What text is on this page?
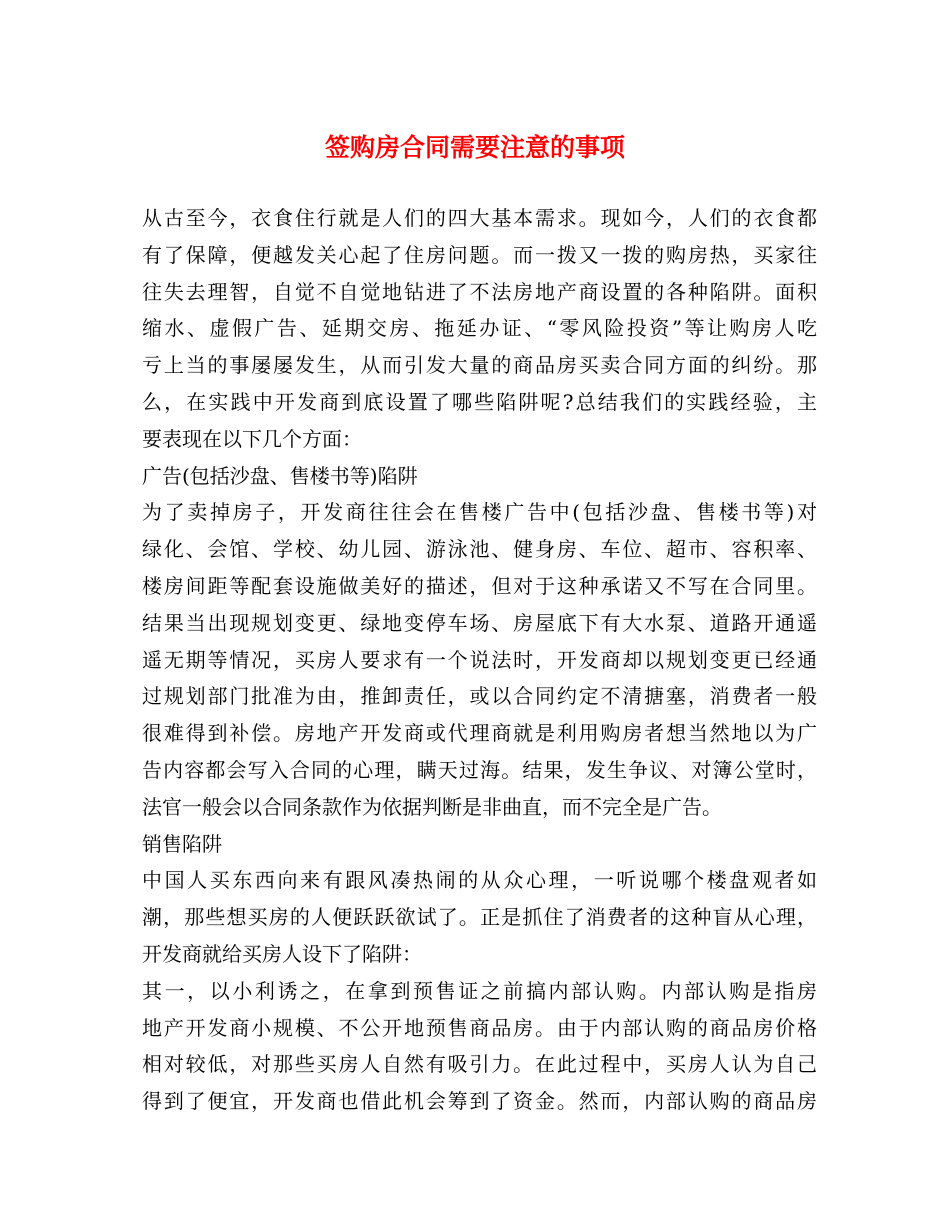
签购房合同需要注意的事项
从古至今，衣食住行就是人们的四大基本需求。现如今，人们的衣食都
有了保障，便越发关心起了住房问题。而一拨又一拨的购房热，买家往
往失去理智，自觉不自觉地钻进了不法房地产商设置的各种陷阱。面积
缩水、虚假广告、延期交房、拖延办证、“零风险投资”等让购房人吃
亏上当的事屡屡发生，从而引发大量的商品房买卖合同方面的纠纷。那
么，在实践中开发商到底设置了哪些陷阱呢?总结我们的实践经验，主
要表现在以下几个方面：
广告(包括沙盘、售楼书等)陷阱
为了卖掉房子，开发商往往会在售楼广告中(包括沙盘、售楼书等)对
绿化、会馆、学校、幼儿园、游泳池、健身房、车位、超市、容积率、
楼房间距等配套设施做美好的描述，但对于这种承诺又不写在合同里。
结果当出现规划变更、绿地变停车场、房屋底下有大水泵、道路开通遥
遥无期等情况，买房人要求有一个说法时，开发商却以规划变更已经通
过规划部门批准为由，推卸责任，或以合同约定不清搪塞，消费者一般
很难得到补偿。房地产开发商或代理商就是利用购房者想当然地以为广
告内容都会写入合同的心理，瞒天过海。结果，发生争议、对簿公堂时，
法官一般会以合同条款作为依据判断是非曲直，而不完全是广告。
销售陷阱
中国人买东西向来有跟风凑热闹的从众心理，一听说哪个楼盘观者如
潮，那些想买房的人便跃跃欲试了。正是抓住了消费者的这种盲从心理，
开发商就给买房人设下了陷阱：
其一，以小利诱之，在拿到预售证之前搞内部认购。内部认购是指房
地产开发商小规模、不公开地预售商品房。由于内部认购的商品房价格
相对较低，对那些买房人自然有吸引力。在此过程中，买房人认为自己
得到了便宜，开发商也借此机会筹到了资金。然而，内部认购的商品房
